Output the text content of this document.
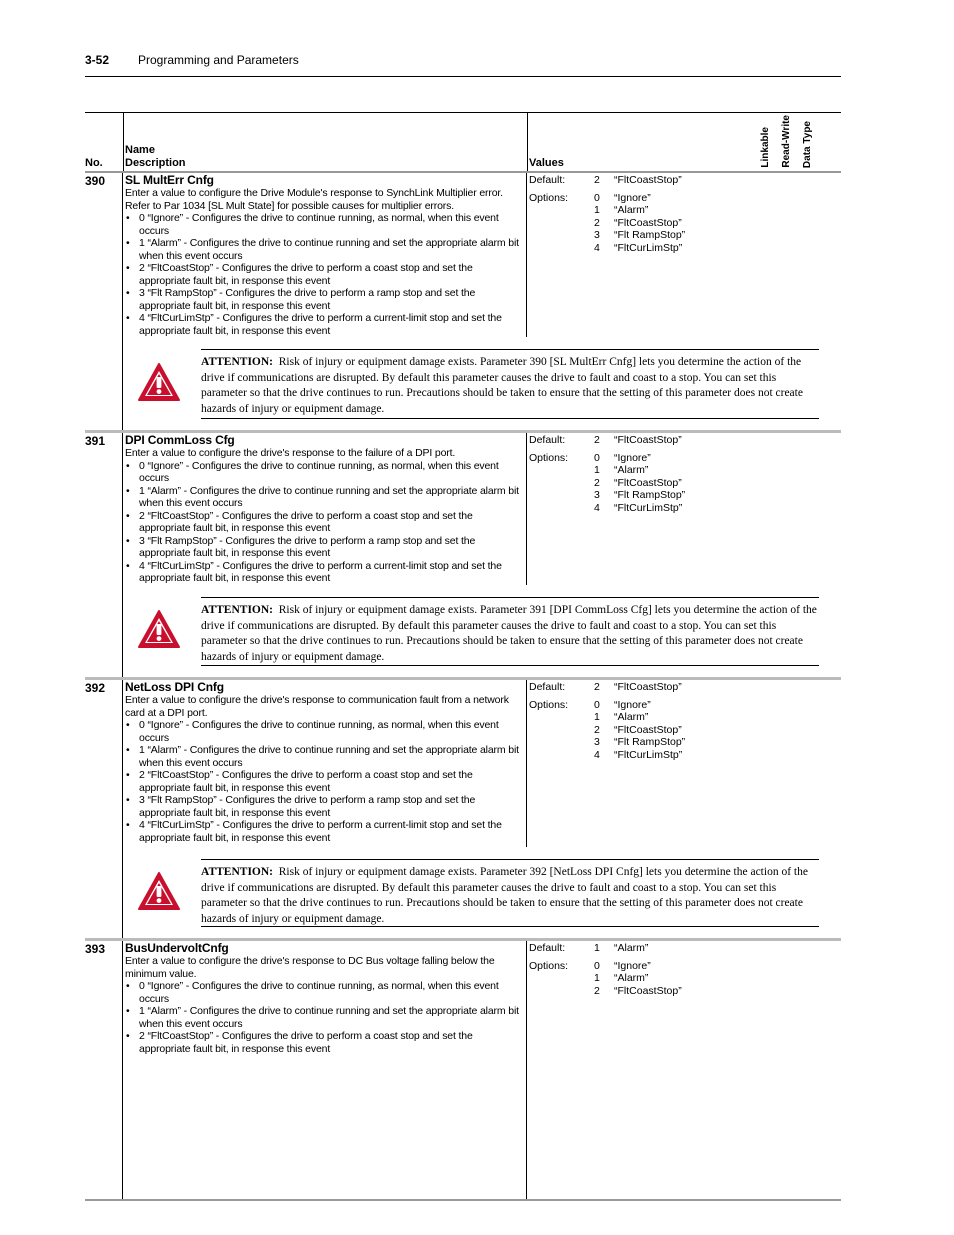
3-52 Programming and Parameters
No.
Name
Description	Values	Linkable Read-Write Data Type
390	SL MultErr Cnfg
Enter a value to configure the Drive Module's response to SynchLink Multiplier error. Refer to Par 1034 [SL Mult State] for possible causes for multiplier errors.
• 0 “Ignore” - Configures the drive to continue running, as normal, when this event occurs
• 1 “Alarm” - Configures the drive to continue running and set the appropriate alarm bit when this event occurs
• 2 “FltCoastStop” - Configures the drive to perform a coast stop and set the appropriate fault bit, in response this event
• 3 “Flt RampStop” - Configures the drive to perform a ramp stop and set the appropriate fault bit, in response this event
• 4 “FltCurLimStp” - Configures the drive to perform a current-limit stop and set the appropriate fault bit, in response this event
Default:	2	“FltCoastStop”
Options:	0	“Ignore”
1	“Alarm”
2	“FltCoastStop”
3	“Flt RampStop”
4	“FltCurLimStp”
ATTENTION: Risk of injury or equipment damage exists. Parameter 390 [SL MultErr Cnfg] lets you determine the action of the drive if communications are disrupted. By default this parameter causes the drive to fault and coast to a stop. You can set this parameter so that the drive continues to run. Precautions should be taken to ensure that the setting of this parameter does not create hazards of injury or equipment damage.
391	DPI CommLoss Cfg
Enter a value to configure the drive's response to the failure of a DPI port.
• 0 “Ignore” - Configures the drive to continue running, as normal, when this event occurs
• 1 “Alarm” - Configures the drive to continue running and set the appropriate alarm bit when this event occurs
• 2 “FltCoastStop” - Configures the drive to perform a coast stop and set the appropriate fault bit, in response this event
• 3 “Flt RampStop” - Configures the drive to perform a ramp stop and set the appropriate fault bit, in response this event
• 4 “FltCurLimStp” - Configures the drive to perform a current-limit stop and set the appropriate fault bit, in response this event
Default:	2	“FltCoastStop”
Options:	0	“Ignore”
1	“Alarm”
2	“FltCoastStop”
3	“Flt RampStop”
4	“FltCurLimStp”
ATTENTION: Risk of injury or equipment damage exists. Parameter 391 [DPI CommLoss Cfg] lets you determine the action of the drive if communications are disrupted. By default this parameter causes the drive to fault and coast to a stop. You can set this parameter so that the drive continues to run. Precautions should be taken to ensure that the setting of this parameter does not create hazards of injury or equipment damage.
392	NetLoss DPI Cnfg
Enter a value to configure the drive's response to communication fault from a network card at a DPI port.
• 0 “Ignore” - Configures the drive to continue running, as normal, when this event occurs
• 1 “Alarm” - Configures the drive to continue running and set the appropriate alarm bit when this event occurs
• 2 “FltCoastStop” - Configures the drive to perform a coast stop and set the appropriate fault bit, in response this event
• 3 “Flt RampStop” - Configures the drive to perform a ramp stop and set the appropriate fault bit, in response this event
• 4 “FltCurLimStp” - Configures the drive to perform a current-limit stop and set the appropriate fault bit, in response this event
Default:	2	“FltCoastStop”
Options:	0	“Ignore”
1	“Alarm”
2	“FltCoastStop”
3	“Flt RampStop”
4	“FltCurLimStp”
ATTENTION: Risk of injury or equipment damage exists. Parameter 392 [NetLoss DPI Cnfg] lets you determine the action of the drive if communications are disrupted. By default this parameter causes the drive to fault and coast to a stop. You can set this parameter so that the drive continues to run. Precautions should be taken to ensure that the setting of this parameter does not create hazards of injury or equipment damage.
393	BusUndervoltCnfg
Enter a value to configure the drive's response to DC Bus voltage falling below the minimum value.
• 0 “Ignore” - Configures the drive to continue running, as normal, when this event occurs
• 1 “Alarm” - Configures the drive to continue running and set the appropriate alarm bit when this event occurs
• 2 “FltCoastStop” - Configures the drive to perform a coast stop and set the appropriate fault bit, in response this event
Default:	1	“Alarm”
Options:	0	“Ignore”
1	“Alarm”
2	“FltCoastStop”
